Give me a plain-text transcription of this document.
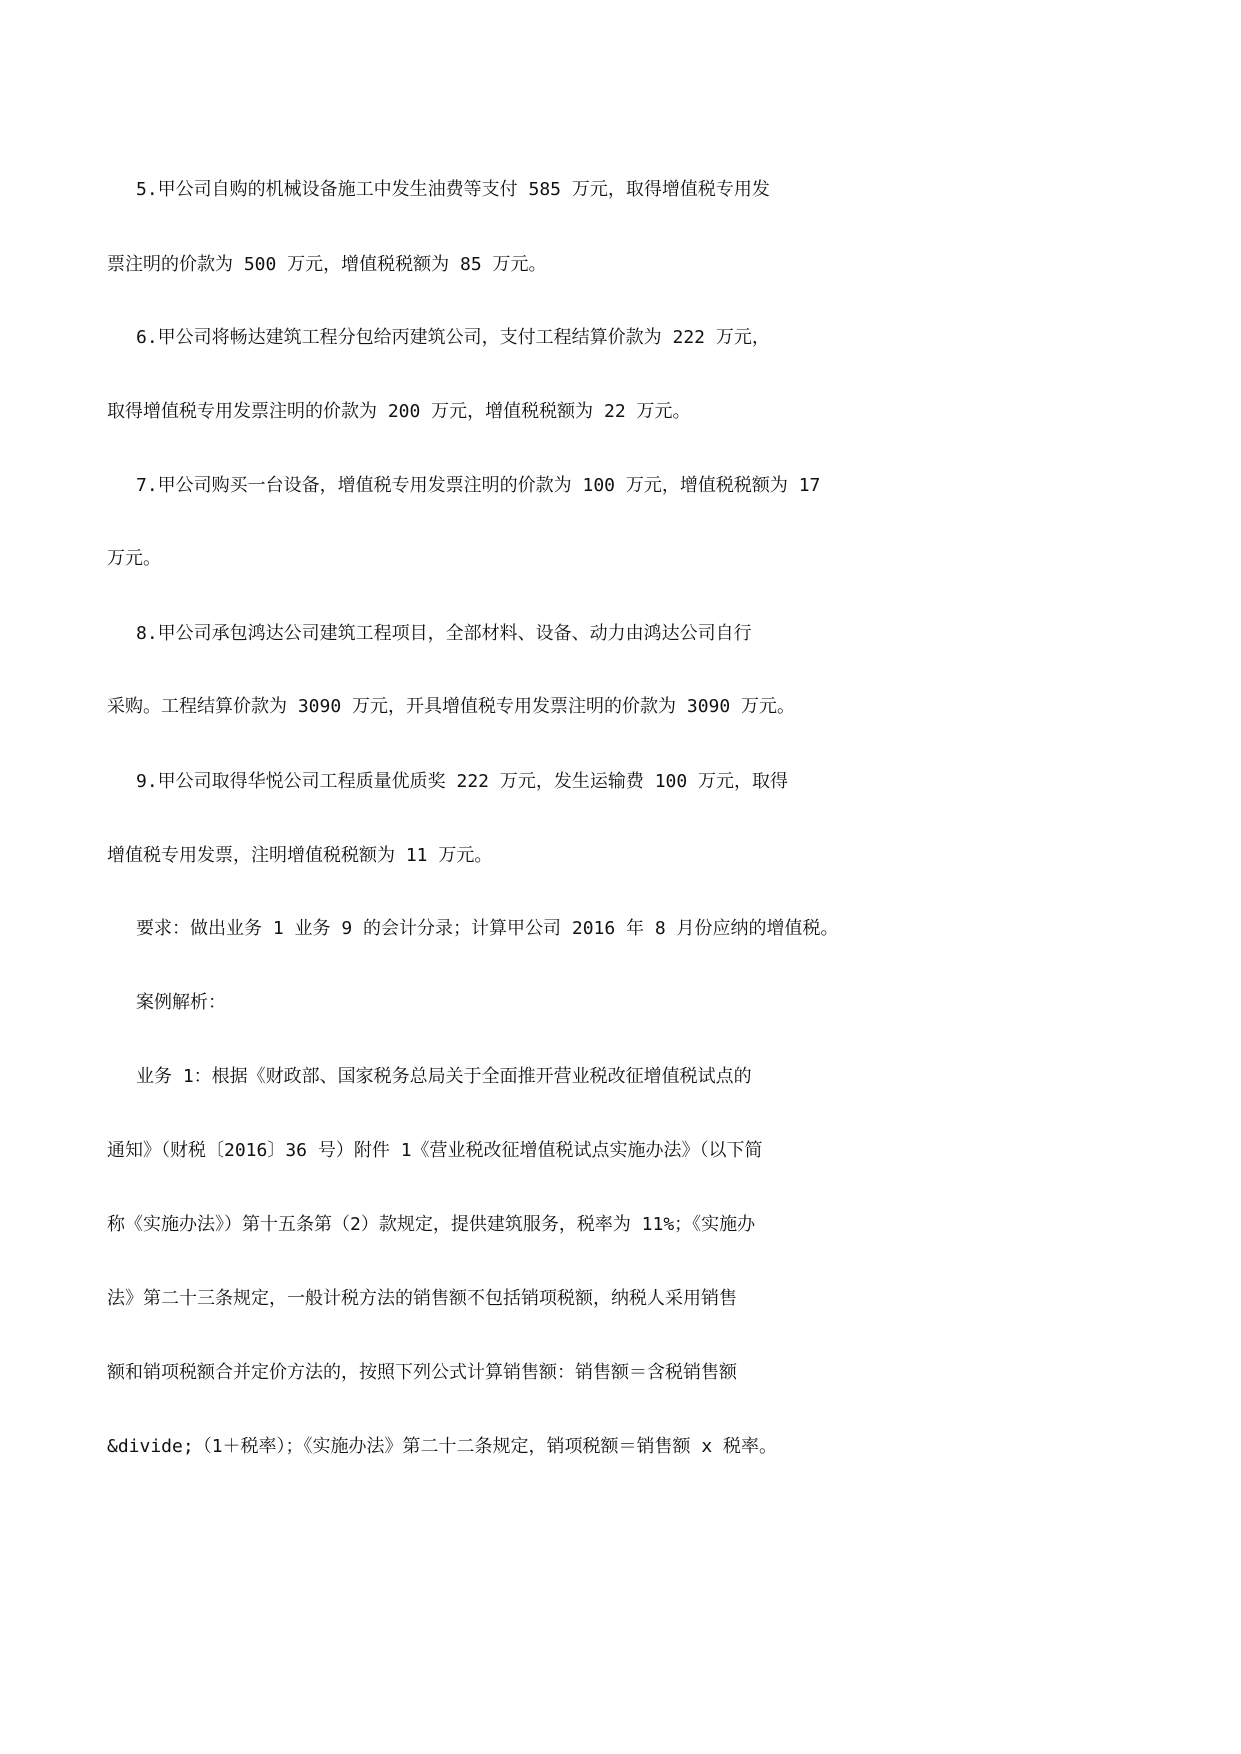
5.甲公司自购的机械设备施工中发生油费等支付 585 万元，取得增值税专用发
票注明的价款为 500 万元，增值税税额为 85 万元。
6.甲公司将畅达建筑工程分包给丙建筑公司，支付工程结算价款为 222 万元，
取得增值税专用发票注明的价款为 200 万元，增值税税额为 22 万元。
7.甲公司购买一台设备，增值税专用发票注明的价款为 100 万元，增值税税额为 17
万元。
8.甲公司承包鸿达公司建筑工程项目，全部材料、设备、动力由鸿达公司自行
采购。工程结算价款为 3090 万元，开具增值税专用发票注明的价款为 3090 万元。
9.甲公司取得华悦公司工程质量优质奖 222 万元，发生运输费 100 万元，取得
增值税专用发票，注明增值税税额为 11 万元。
要求：做出业务 1 业务 9 的会计分录；计算甲公司 2016 年 8 月份应纳的增值税。
案例解析：
业务 1：根据《财政部、国家税务总局关于全面推开营业税改征增值税试点的
通知》（财税〔2016〕36 号）附件 1《营业税改征增值税试点实施办法》（以下简
称《实施办法》）第十五条第（2）款规定，提供建筑服务，税率为 11%；《实施办
法》第二十三条规定，一般计税方法的销售额不包括销项税额，纳税人采用销售
额和销项税额合并定价方法的，按照下列公式计算销售额：销售额＝含税销售额
&divide;（1＋税率）；《实施办法》第二十二条规定，销项税额＝销售额 x 税率。
